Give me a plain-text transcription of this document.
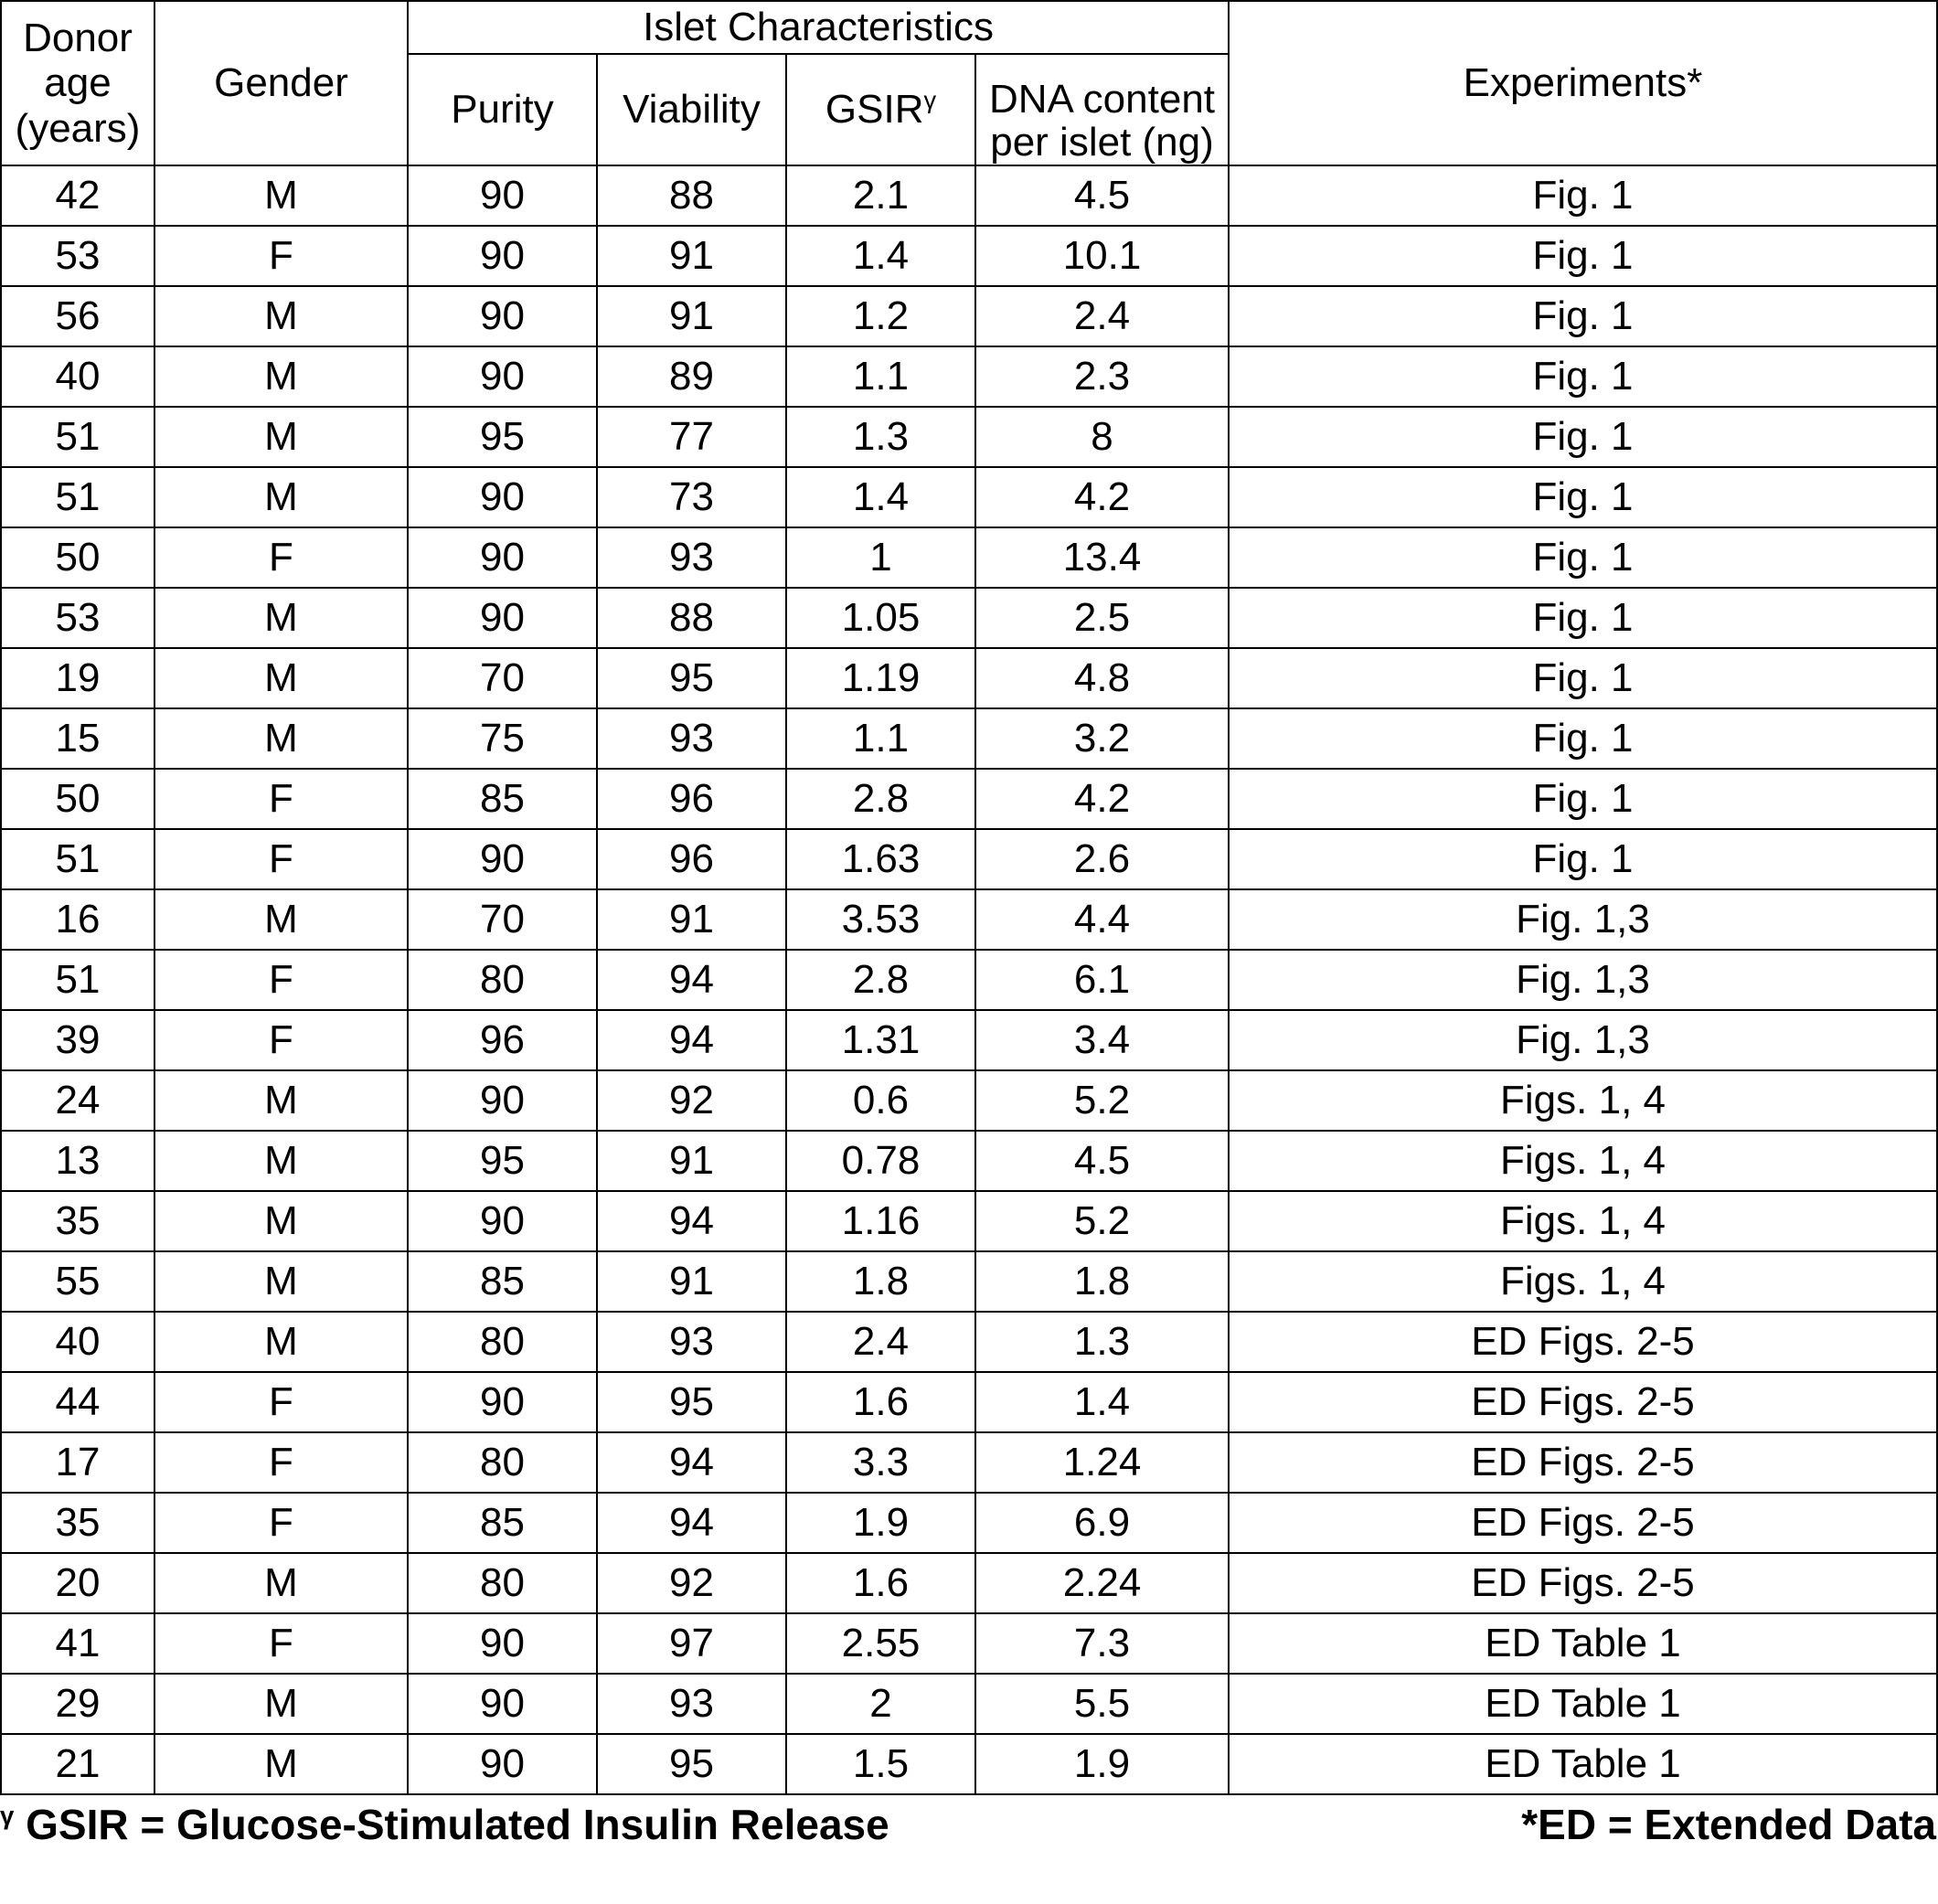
Donor
age
(years)	Gender	Islet Characteristics				Experiments*

		Purity	Viability	$GSIR^\gamma$	DNA content per islet (ng)	
42	M	90	88	2.1	4.5	Fig. 1
53	F	90	91	1.4	10.1	Fig. 1
56	M	90	91	1.2	2.4	Fig. 1
40	M	90	89	1.1	2.3	Fig. 1
51	M	95	77	1.3	8	Fig. 1
51	M	90	73	1.4	4.2	Fig. 1
50	F	90	93	1	13.4	Fig. 1
53	M	90	88	1.05	2.5	Fig. 1
19	M	70	95	1.19	4.8	Fig. 1
15	M	75	93	1.1	3.2	Fig. 1
50	F	85	96	2.8	4.2	Fig. 1
51	F	90	96	1.63	2.6	Fig. 1
16	M	70	91	3.53	4.4	Fig. 1,3
51	F	80	94	2.8	6.1	Fig. 1,3
39	F	96	94	1.31	3.4	Fig. 1,3
24	M	90	92	0.6	5.2	Figs. 1, 4
13	M	95	91	0.78	4.5	Figs. 1, 4
35	M	90	94	1.16	5.2	Figs. 1, 4
55	M	85	91	1.8	1.8	Figs. 1, 4
40	M	80	93	2.4	1.3	ED Figs. 2-5
44	F	90	95	1.6	1.4	ED Figs. 2-5
17	F	80	94	3.3	1.24	ED Figs. 2-5
35	F	85	94	1.9	6.9	ED Figs. 2-5
20	M	80	92	1.6	2.24	ED Figs. 2-5
41	F	90	97	2.55	7.3	ED Table 1
29	M	90	93	2	5.5	ED Table 1
21	M	90	95	1.5	1.9	ED Table 1
$^\gamma$ GSIR = Glucose-Stimulated Insulin Release	*ED = Extended Data
